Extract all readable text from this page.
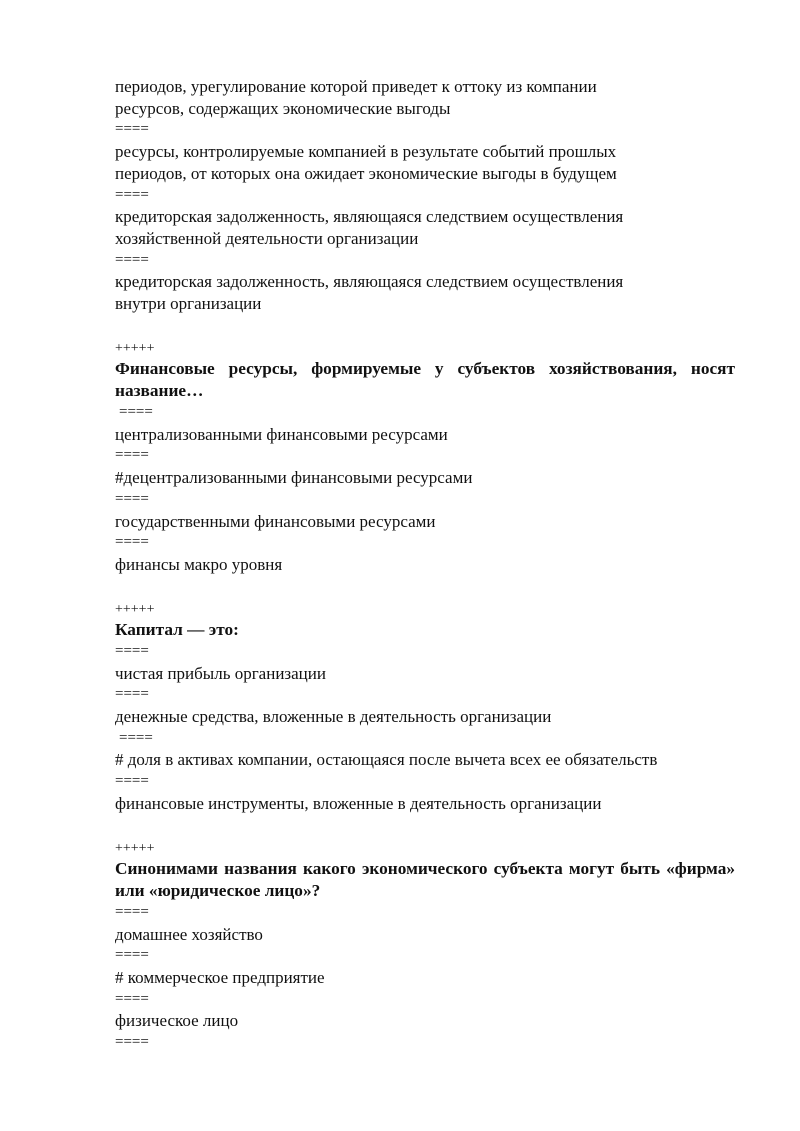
периодов, урегулирование которой приведет к оттоку из компании
ресурсов, содержащих экономические выгоды
====
ресурсы, контролируемые компанией в результате событий прошлых
периодов, от которых она ожидает экономические выгоды в будущем
====
кредиторская задолженность, являющаяся следствием осуществления
хозяйственной деятельности организации
====
кредиторская задолженность, являющаяся следствием осуществления
внутри организации
+++++
Финансовые ресурсы, формируемые у субъектов хозяйствования, носят название…
====
централизованными финансовыми ресурсами
====
#децентрализованными финансовыми ресурсами
====
государственными финансовыми ресурсами
====
финансы макро уровня
+++++
Капитал — это:
====
чистая прибыль организации
====
денежные средства, вложенные в деятельность организации
====
# доля в активах компании, остающаяся после вычета всех ее обязательств
====
финансовые инструменты, вложенные в деятельность организации
+++++
Синонимами названия какого экономического субъекта могут быть «фирма» или «юридическое лицо»?
====
домашнее хозяйство
====
# коммерческое предприятие
====
физическое лицо
====
